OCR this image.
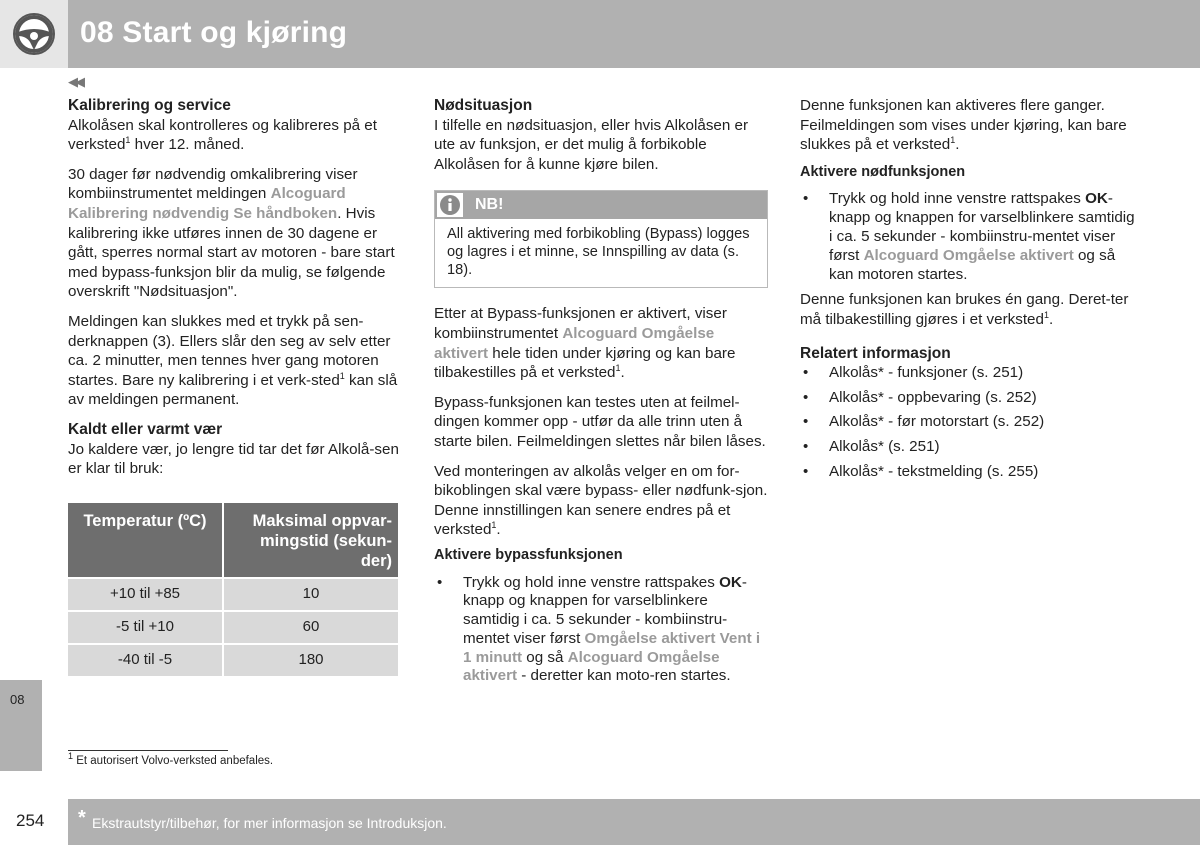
08 Start og kjøring
08
◀◀
Kalibrering og service

Alkolåsen skal kontrolleres og kalibreres på et verksted$^1$ hver 12. måned.

30 dager før nødvendig omkalibrering viser kombiinstrumentet meldingen Alcoguard Kalibrering nødvendig Se håndboken. Hvis kalibrering ikke utføres innen de 30 dagene er gått, sperres normal start av motoren - bare start med bypass-funksjon blir da mulig, se følgende overskrift "Nødsituasjon".

Meldingen kan slukkes med et trykk på sen-derknappen (3). Ellers slår den seg av selv etter ca. 2 minutter, men tennes hver gang motoren startes. Bare ny kalibrering i et verk-sted$^1$ kan slå av meldingen permanent.

Kaldt eller varmt vær

Jo kaldere vær, jo lengre tid tar det før Alkolå-sen er klar til bruk:

Temperatur (ºC)	Maksimal oppvar-mingstid (sekun-der)
+10 til +85	10
-5 til +10	60
-40 til -5	180
Nødsituasjon

I tilfelle en nødsituasjon, eller hvis Alkolåsen er ute av funksjon, er det mulig å forbikoble Alkolåsen for å kunne kjøre bilen.

NB!
All aktivering med forbikobling (Bypass) logges og lagres i et minne, se Innspilling av data (s. 18).

Etter at Bypass-funksjonen er aktivert, viser kombiinstrumentet Alcoguard Omgåelse aktivert hele tiden under kjøring og kan bare tilbakestilles på et verksted$^1$.

Bypass-funksjonen kan testes uten at feilmel-dingen kommer opp - utfør da alle trinn uten å starte bilen. Feilmeldingen slettes når bilen låses.

Ved monteringen av alkolås velger en om for-bikoblingen skal være bypass- eller nødfunk-sjon. Denne innstillingen kan senere endres på et verksted$^1$.

Aktivere bypassfunksjonen
• Trykk og hold inne venstre rattspakes OK-knapp og knappen for varselblinkere samtidig i ca. 5 sekunder - kombiinstru-mentet viser først Omgåelse aktivert Vent i 1 minutt og så Alcoguard Omgåelse aktivert - deretter kan moto-ren startes.

Denne funksjonen kan aktiveres flere ganger. Feilmeldingen som vises under kjøring, kan bare slukkes på et verksted$^1$.

Aktivere nødfunksjonen
• Trykk og hold inne venstre rattspakes OK-knapp og knappen for varselblinkere samtidig i ca. 5 sekunder - kombiinstru-mentet viser først Alcoguard Omgåelse aktivert og så kan motoren startes.

Denne funksjonen kan brukes én gang. Deret-ter må tilbakestilling gjøres i et verksted$^1$.

Relatert informasjon
• Alkolås* - funksjoner (s. 251)
• Alkolås* - oppbevaring (s. 252)
• Alkolås* - før motorstart (s. 252)
• Alkolås* (s. 251)
• Alkolås* - tekstmelding (s. 255)
$^1$ Et autorisert Volvo-verksted anbefales.
254 * Ekstrautstyr/tilbehør, for mer informasjon se Introduksjon.
